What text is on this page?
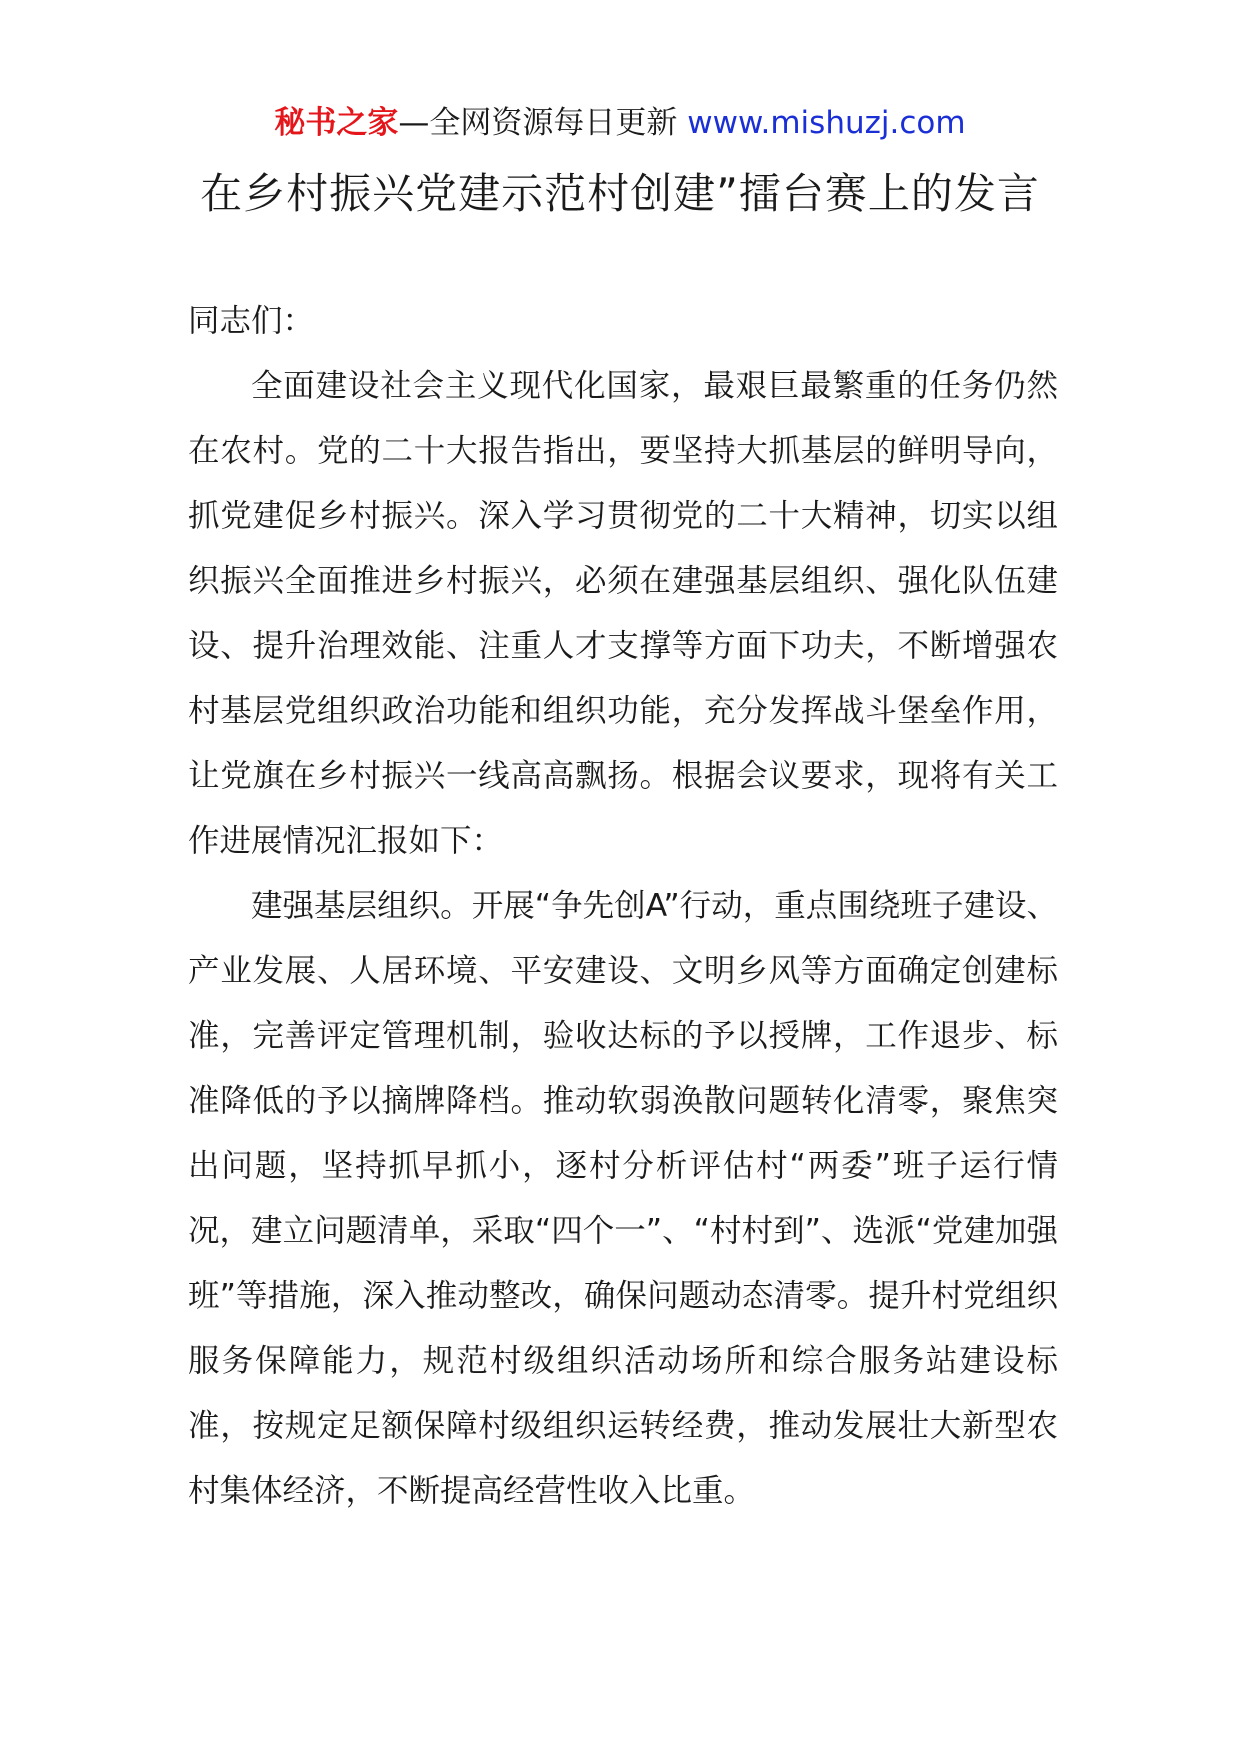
秘书之家—全网资源每日更新 www.mishuzj.com
在乡村振兴党建示范村创建”擂台赛上的发言

同志们：

全面建设社会主义现代化国家，最艰巨最繁重的任务仍然在农村。党的二十大报告指出，要坚持大抓基层的鲜明导向，抓党建促乡村振兴。深入学习贯彻党的二十大精神，切实以组织振兴全面推进乡村振兴，必须在建强基层组织、强化队伍建设、提升治理效能、注重人才支撑等方面下功夫，不断增强农村基层党组织政治功能和组织功能，充分发挥战斗堡垒作用，让党旗在乡村振兴一线高高飘扬。根据会议要求，现将有关工作进展情况汇报如下：

建强基层组织。开展“争先创A”行动，重点围绕班子建设、产业发展、人居环境、平安建设、文明乡风等方面确定创建标准，完善评定管理机制，验收达标的予以授牌，工作退步、标准降低的予以摘牌降档。推动软弱涣散问题转化清零，聚焦突出问题，坚持抓早抓小，逐村分析评估村“两委”班子运行情况，建立问题清单，采取“四个一”、“村村到”、选派“党建加强班”等措施，深入推动整改，确保问题动态清零。提升村党组织服务保障能力，规范村级组织活动场所和综合服务站建设标准，按规定足额保障村级组织运转经费，推动发展壮大新型农村集体经济，不断提高经营性收入比重。
